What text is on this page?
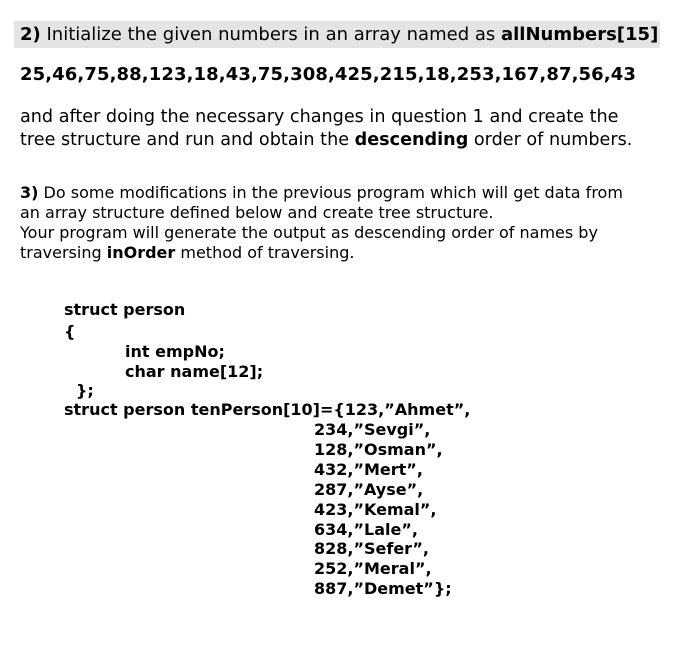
2) Initialize the given numbers in an array named as allNumbers[15]
25,46,75,88,123,18,43,75,308,425,215,18,253,167,87,56,43
and after doing the necessary changes in question 1 and create the
tree structure and run and obtain the descending order of numbers.
3) Do some modifications in the previous program which will get data from
an array structure defined below and create tree structure.
Your program will generate the output as descending order of names by
traversing inOrder method of traversing.
struct person
{
int empNo;
char name[12];
};
struct person tenPerson[10]={123,”Ahmet”,
234,”Sevgi”,
128,”Osman”,
432,”Mert”,
287,”Ayse”,
423,”Kemal”,
634,”Lale”,
828,”Sefer”,
252,”Meral”,
887,”Demet”};
